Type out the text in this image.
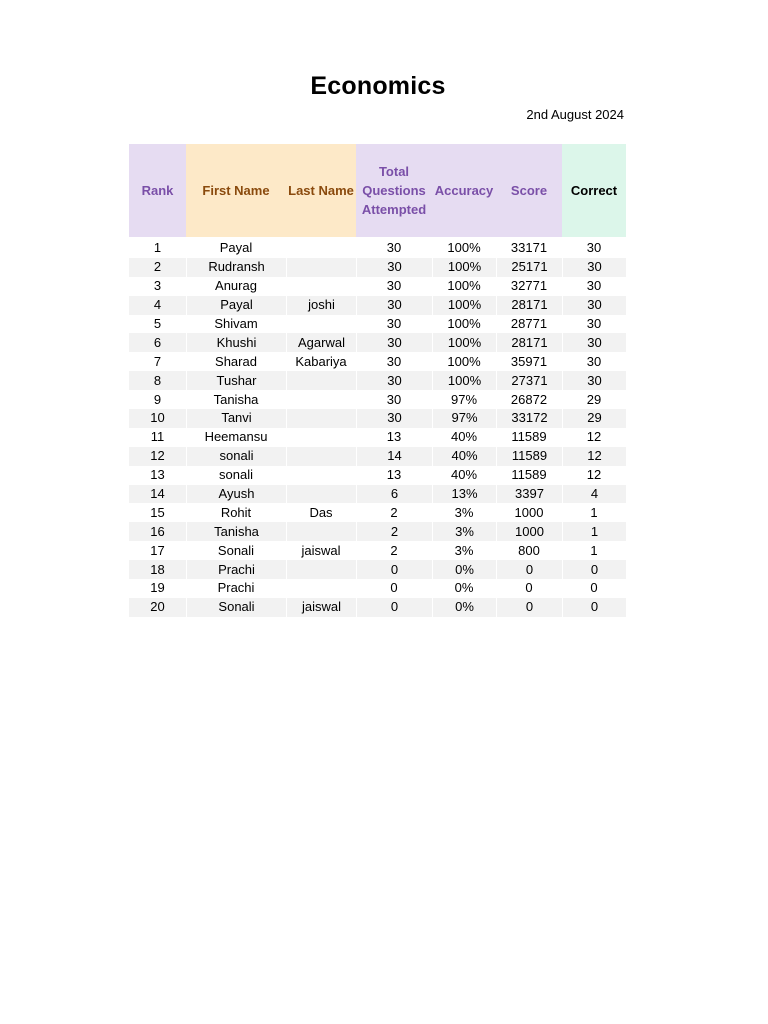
Economics
2nd August 2024
Rank	First Name	Last Name	Total Questions Attempted	Accuracy	Score	Correct
1	Payal		30	100%	33171	30
2	Rudransh		30	100%	25171	30
3	Anurag		30	100%	32771	30
4	Payal	joshi	30	100%	28171	30
5	Shivam		30	100%	28771	30
6	Khushi	Agarwal	30	100%	28171	30
7	Sharad	Kabariya	30	100%	35971	30
8	Tushar		30	100%	27371	30
9	Tanisha		30	97%	26872	29
10	Tanvi		30	97%	33172	29
11	Heemansu		13	40%	11589	12
12	sonali		14	40%	11589	12
13	sonali		13	40%	11589	12
14	Ayush		6	13%	3397	4
15	Rohit	Das	2	3%	1000	1
16	Tanisha		2	3%	1000	1
17	Sonali	jaiswal	2	3%	800	1
18	Prachi		0	0%	0	0
19	Prachi		0	0%	0	0
20	Sonali	jaiswal	0	0%	0	0
